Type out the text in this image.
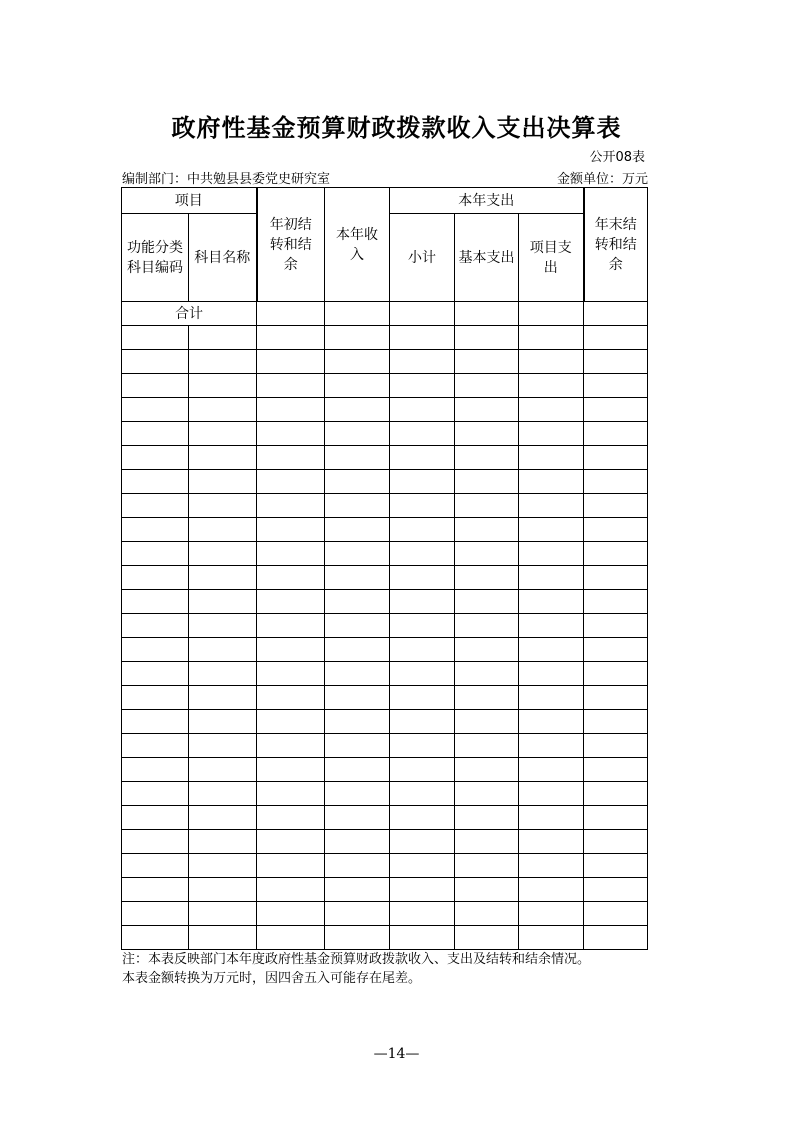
政府性基金预算财政拨款收入支出决算表
公开08表
编制部门：中共勉县县委党史研究室	金额单位：万元
项目		年初结转和结余	本年收入	本年支出			年末结转和结余

功能分类科目编码	科目名称			小计	基本支出	项目支出	

合计							

注：本表反映部门本年度政府性基金预算财政拨款收入、支出及结转和结余情况。
本表金额转换为万元时，因四舍五入可能存在尾差。
—14—
